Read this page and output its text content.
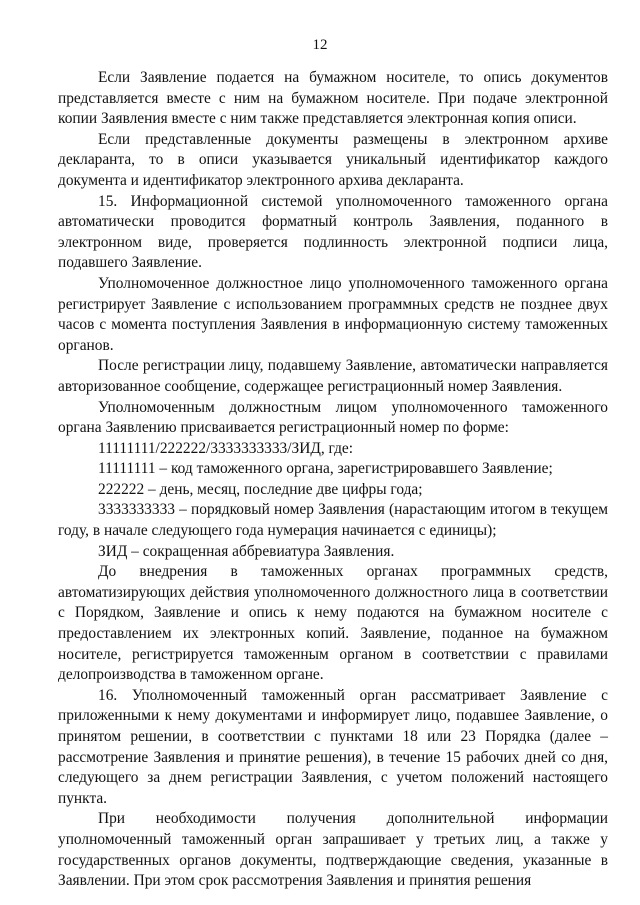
12

Если Заявление подается на бумажном носителе, то опись документов представляется вместе с ним на бумажном носителе. При подаче электронной копии Заявления вместе с ним также представляется электронная копия описи.

Если представленные документы размещены в электронном архиве декларанта, то в описи указывается уникальный идентификатор каждого документа и идентификатор электронного архива декларанта.

15. Информационной системой уполномоченного таможенного органа автоматически проводится форматный контроль Заявления, поданного в электронном виде, проверяется подлинность электронной подписи лица, подавшего Заявление.

Уполномоченное должностное лицо уполномоченного таможенного органа регистрирует Заявление с использованием программных средств не позднее двух часов с момента поступления Заявления в информационную систему таможенных органов.

После регистрации лицу, подавшему Заявление, автоматически направляется авторизованное сообщение, содержащее регистрационный номер Заявления.

Уполномоченным должностным лицом уполномоченного таможенного органа Заявлению присваивается регистрационный номер по форме:

11111111/222222/3333333333/ЗИД, где:

11111111 – код таможенного органа, зарегистрировавшего Заявление;

222222 – день, месяц, последние две цифры года;

3333333333 – порядковый номер Заявления (нарастающим итогом в текущем году, в начале следующего года нумерация начинается с единицы);

ЗИД – сокращенная аббревиатура Заявления.

До внедрения в таможенных органах программных средств, автоматизирующих действия уполномоченного должностного лица в соответствии с Порядком, Заявление и опись к нему подаются на бумажном носителе с предоставлением их электронных копий. Заявление, поданное на бумажном носителе, регистрируется таможенным органом в соответствии с правилами делопроизводства в таможенном органе.

16. Уполномоченный таможенный орган рассматривает Заявление с приложенными к нему документами и информирует лицо, подавшее Заявление, о принятом решении, в соответствии с пунктами 18 или 23 Порядка (далее – рассмотрение Заявления и принятие решения), в течение 15 рабочих дней со дня, следующего за днем регистрации Заявления, с учетом положений настоящего пункта.

При необходимости получения дополнительной информации уполномоченный таможенный орган запрашивает у третьих лиц, а также у государственных органов документы, подтверждающие сведения, указанные в Заявлении. При этом срок рассмотрения Заявления и принятия решения
